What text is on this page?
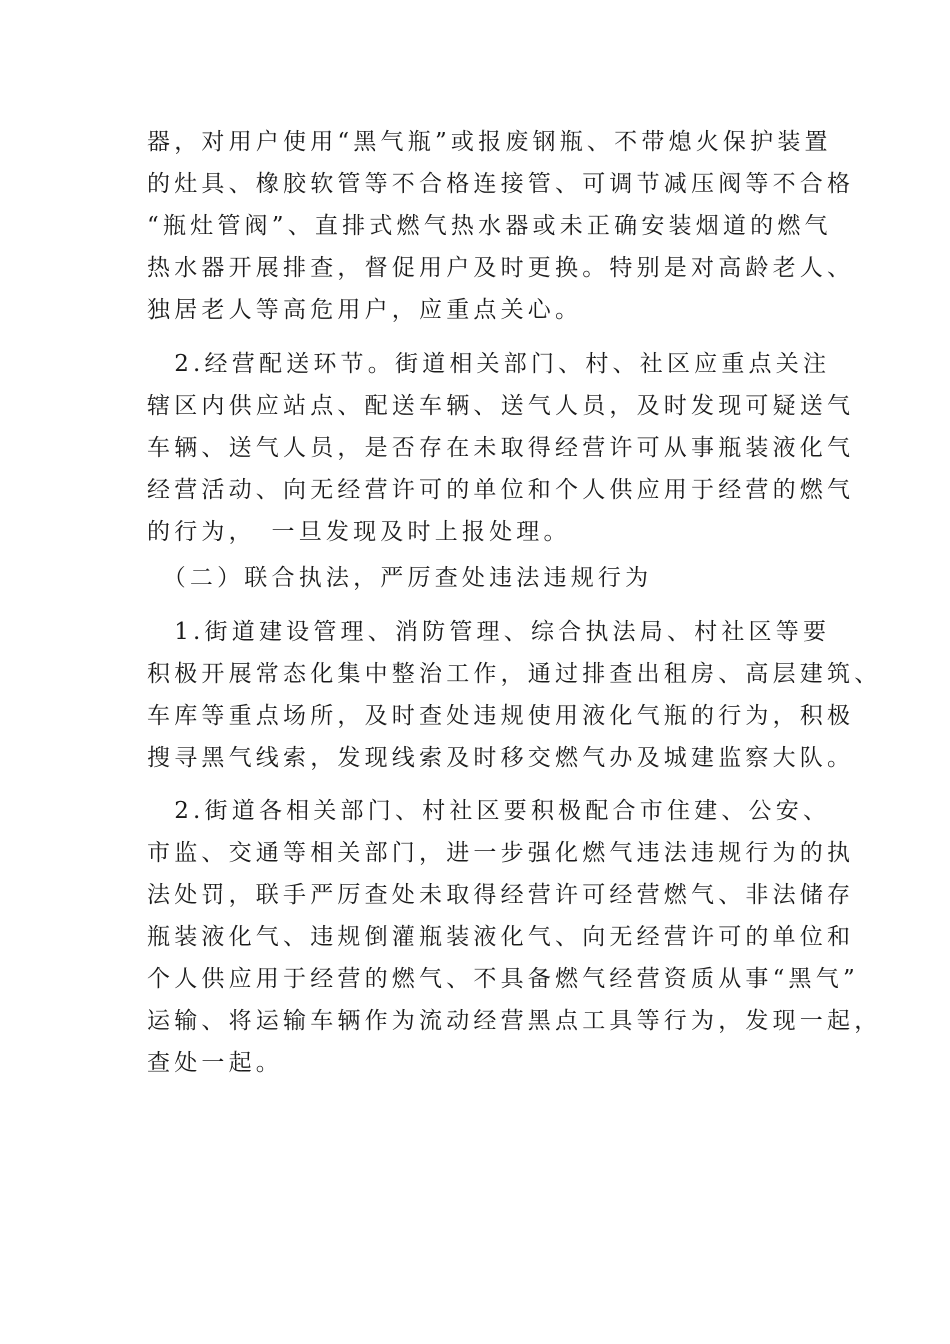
器，对用户使用“黑气瓶”或报废钢瓶、不带熄火保护装置
的灶具、橡胶软管等不合格连接管、可调节减压阀等不合格
“瓶灶管阀”、直排式燃气热水器或未正确安装烟道的燃气
热水器开展排查，督促用户及时更换。特别是对高龄老人、
独居老人等高危用户，应重点关心。
　2.经营配送环节。街道相关部门、村、社区应重点关注
辖区内供应站点、配送车辆、送气人员，及时发现可疑送气
车辆、送气人员，是否存在未取得经营许可从事瓶装液化气
经营活动、向无经营许可的单位和个人供应用于经营的燃气
的行为，　一旦发现及时上报处理。
　（二）联合执法，严厉查处违法违规行为
　1.街道建设管理、消防管理、综合执法局、村社区等要
积极开展常态化集中整治工作，通过排查出租房、高层建筑、
车库等重点场所，及时查处违规使用液化气瓶的行为，积极
搜寻黑气线索，发现线索及时移交燃气办及城建监察大队。
　2.街道各相关部门、村社区要积极配合市住建、公安、
市监、交通等相关部门，进一步强化燃气违法违规行为的执
法处罚，联手严厉查处未取得经营许可经营燃气、非法储存
瓶装液化气、违规倒灌瓶装液化气、向无经营许可的单位和
个人供应用于经营的燃气、不具备燃气经营资质从事“黑气”
运输、将运输车辆作为流动经营黑点工具等行为，发现一起，
查处一起。
